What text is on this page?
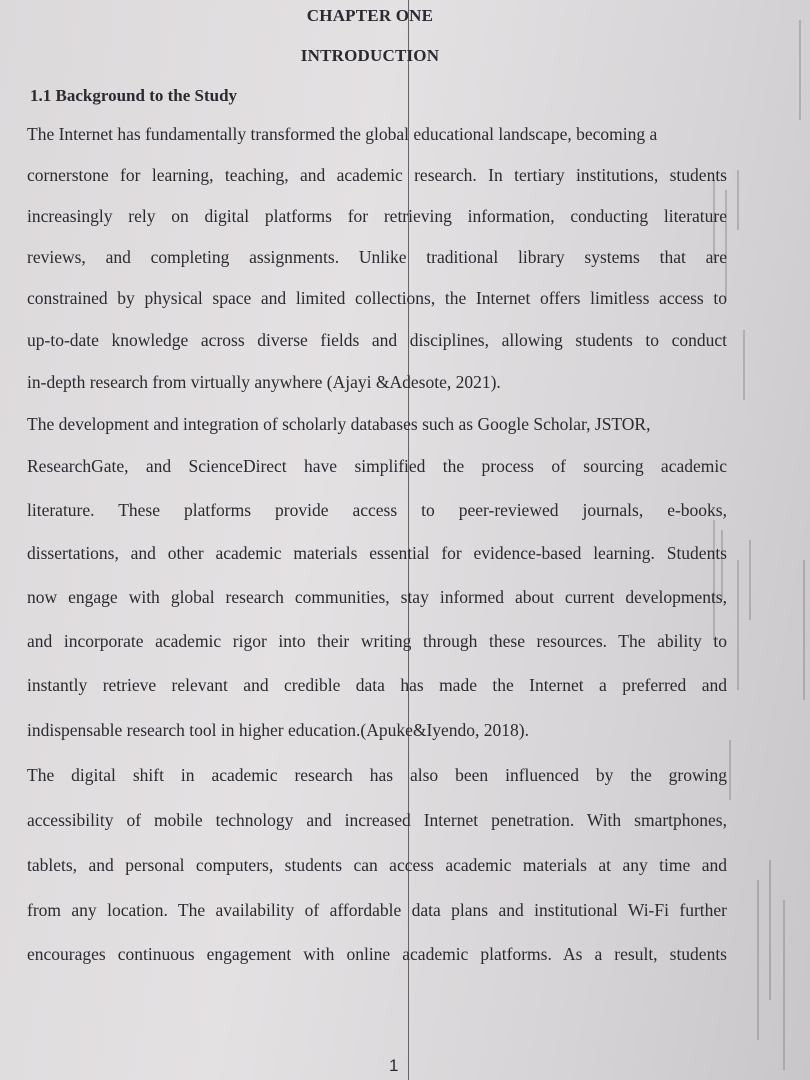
CHAPTER ONE
INTRODUCTION
1.1 Background to the Study
The Internet has fundamentally transformed the global educational landscape, becoming a
cornerstone for learning, teaching, and academic research. In tertiary institutions, students
increasingly rely on digital platforms for retrieving information, conducting literature
reviews, and completing assignments. Unlike traditional library systems that are
constrained by physical space and limited collections, the Internet offers limitless access to
up-to-date knowledge across diverse fields and disciplines, allowing students to conduct
in-depth research from virtually anywhere (Ajayi &Adesote, 2021).
The development and integration of scholarly databases such as Google Scholar, JSTOR,
ResearchGate, and ScienceDirect have simplified the process of sourcing academic
literature. These platforms provide access to peer-reviewed journals, e-books,
dissertations, and other academic materials essential for evidence-based learning. Students
now engage with global research communities, stay informed about current developments,
and incorporate academic rigor into their writing through these resources. The ability to
instantly retrieve relevant and credible data has made the Internet a preferred and
indispensable research tool in higher education.(Apuke&Iyendo, 2018).
The digital shift in academic research has also been influenced by the growing
accessibility of mobile technology and increased Internet penetration. With smartphones,
tablets, and personal computers, students can access academic materials at any time and
from any location. The availability of affordable data plans and institutional Wi-Fi further
encourages continuous engagement with online academic platforms. As a result, students
1
